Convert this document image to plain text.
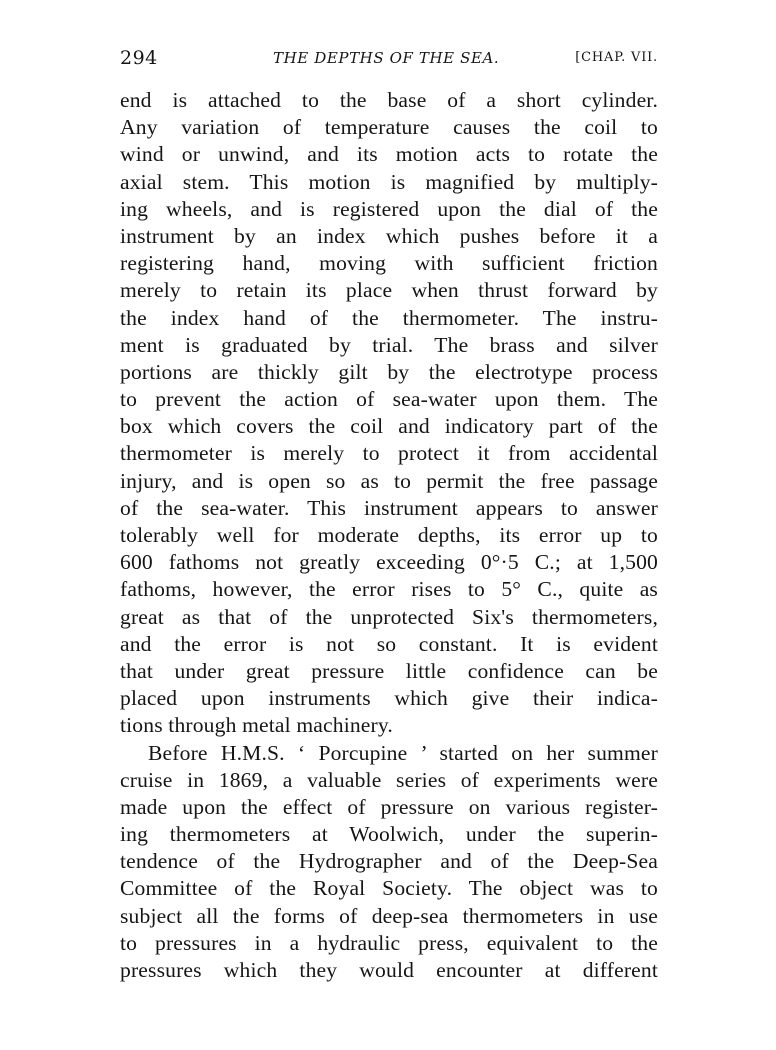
294	THE DEPTHS OF THE SEA.	[CHAP. VII.
end is attached to the base of a short cylinder.
Any variation of temperature causes the coil to
wind or unwind, and its motion acts to rotate the
axial stem. This motion is magnified by multiply-
ing wheels, and is registered upon the dial of the
instrument by an index which pushes before it a
registering hand, moving with sufficient friction
merely to retain its place when thrust forward by
the index hand of the thermometer. The instru-
ment is graduated by trial. The brass and silver
portions are thickly gilt by the electrotype process
to prevent the action of sea-water upon them. The
box which covers the coil and indicatory part of the
thermometer is merely to protect it from accidental
injury, and is open so as to permit the free passage
of the sea-water. This instrument appears to answer
tolerably well for moderate depths, its error up to
600 fathoms not greatly exceeding 0°·5 C.; at 1,500
fathoms, however, the error rises to 5° C., quite as
great as that of the unprotected Six's thermometers,
and the error is not so constant. It is evident
that under great pressure little confidence can be
placed upon instruments which give their indica-
tions through metal machinery.
Before H.M.S. ‘ Porcupine ’ started on her summer
cruise in 1869, a valuable series of experiments were
made upon the effect of pressure on various register-
ing thermometers at Woolwich, under the superin-
tendence of the Hydrographer and of the Deep-Sea
Committee of the Royal Society. The object was to
subject all the forms of deep-sea thermometers in use
to pressures in a hydraulic press, equivalent to the
pressures which they would encounter at different
